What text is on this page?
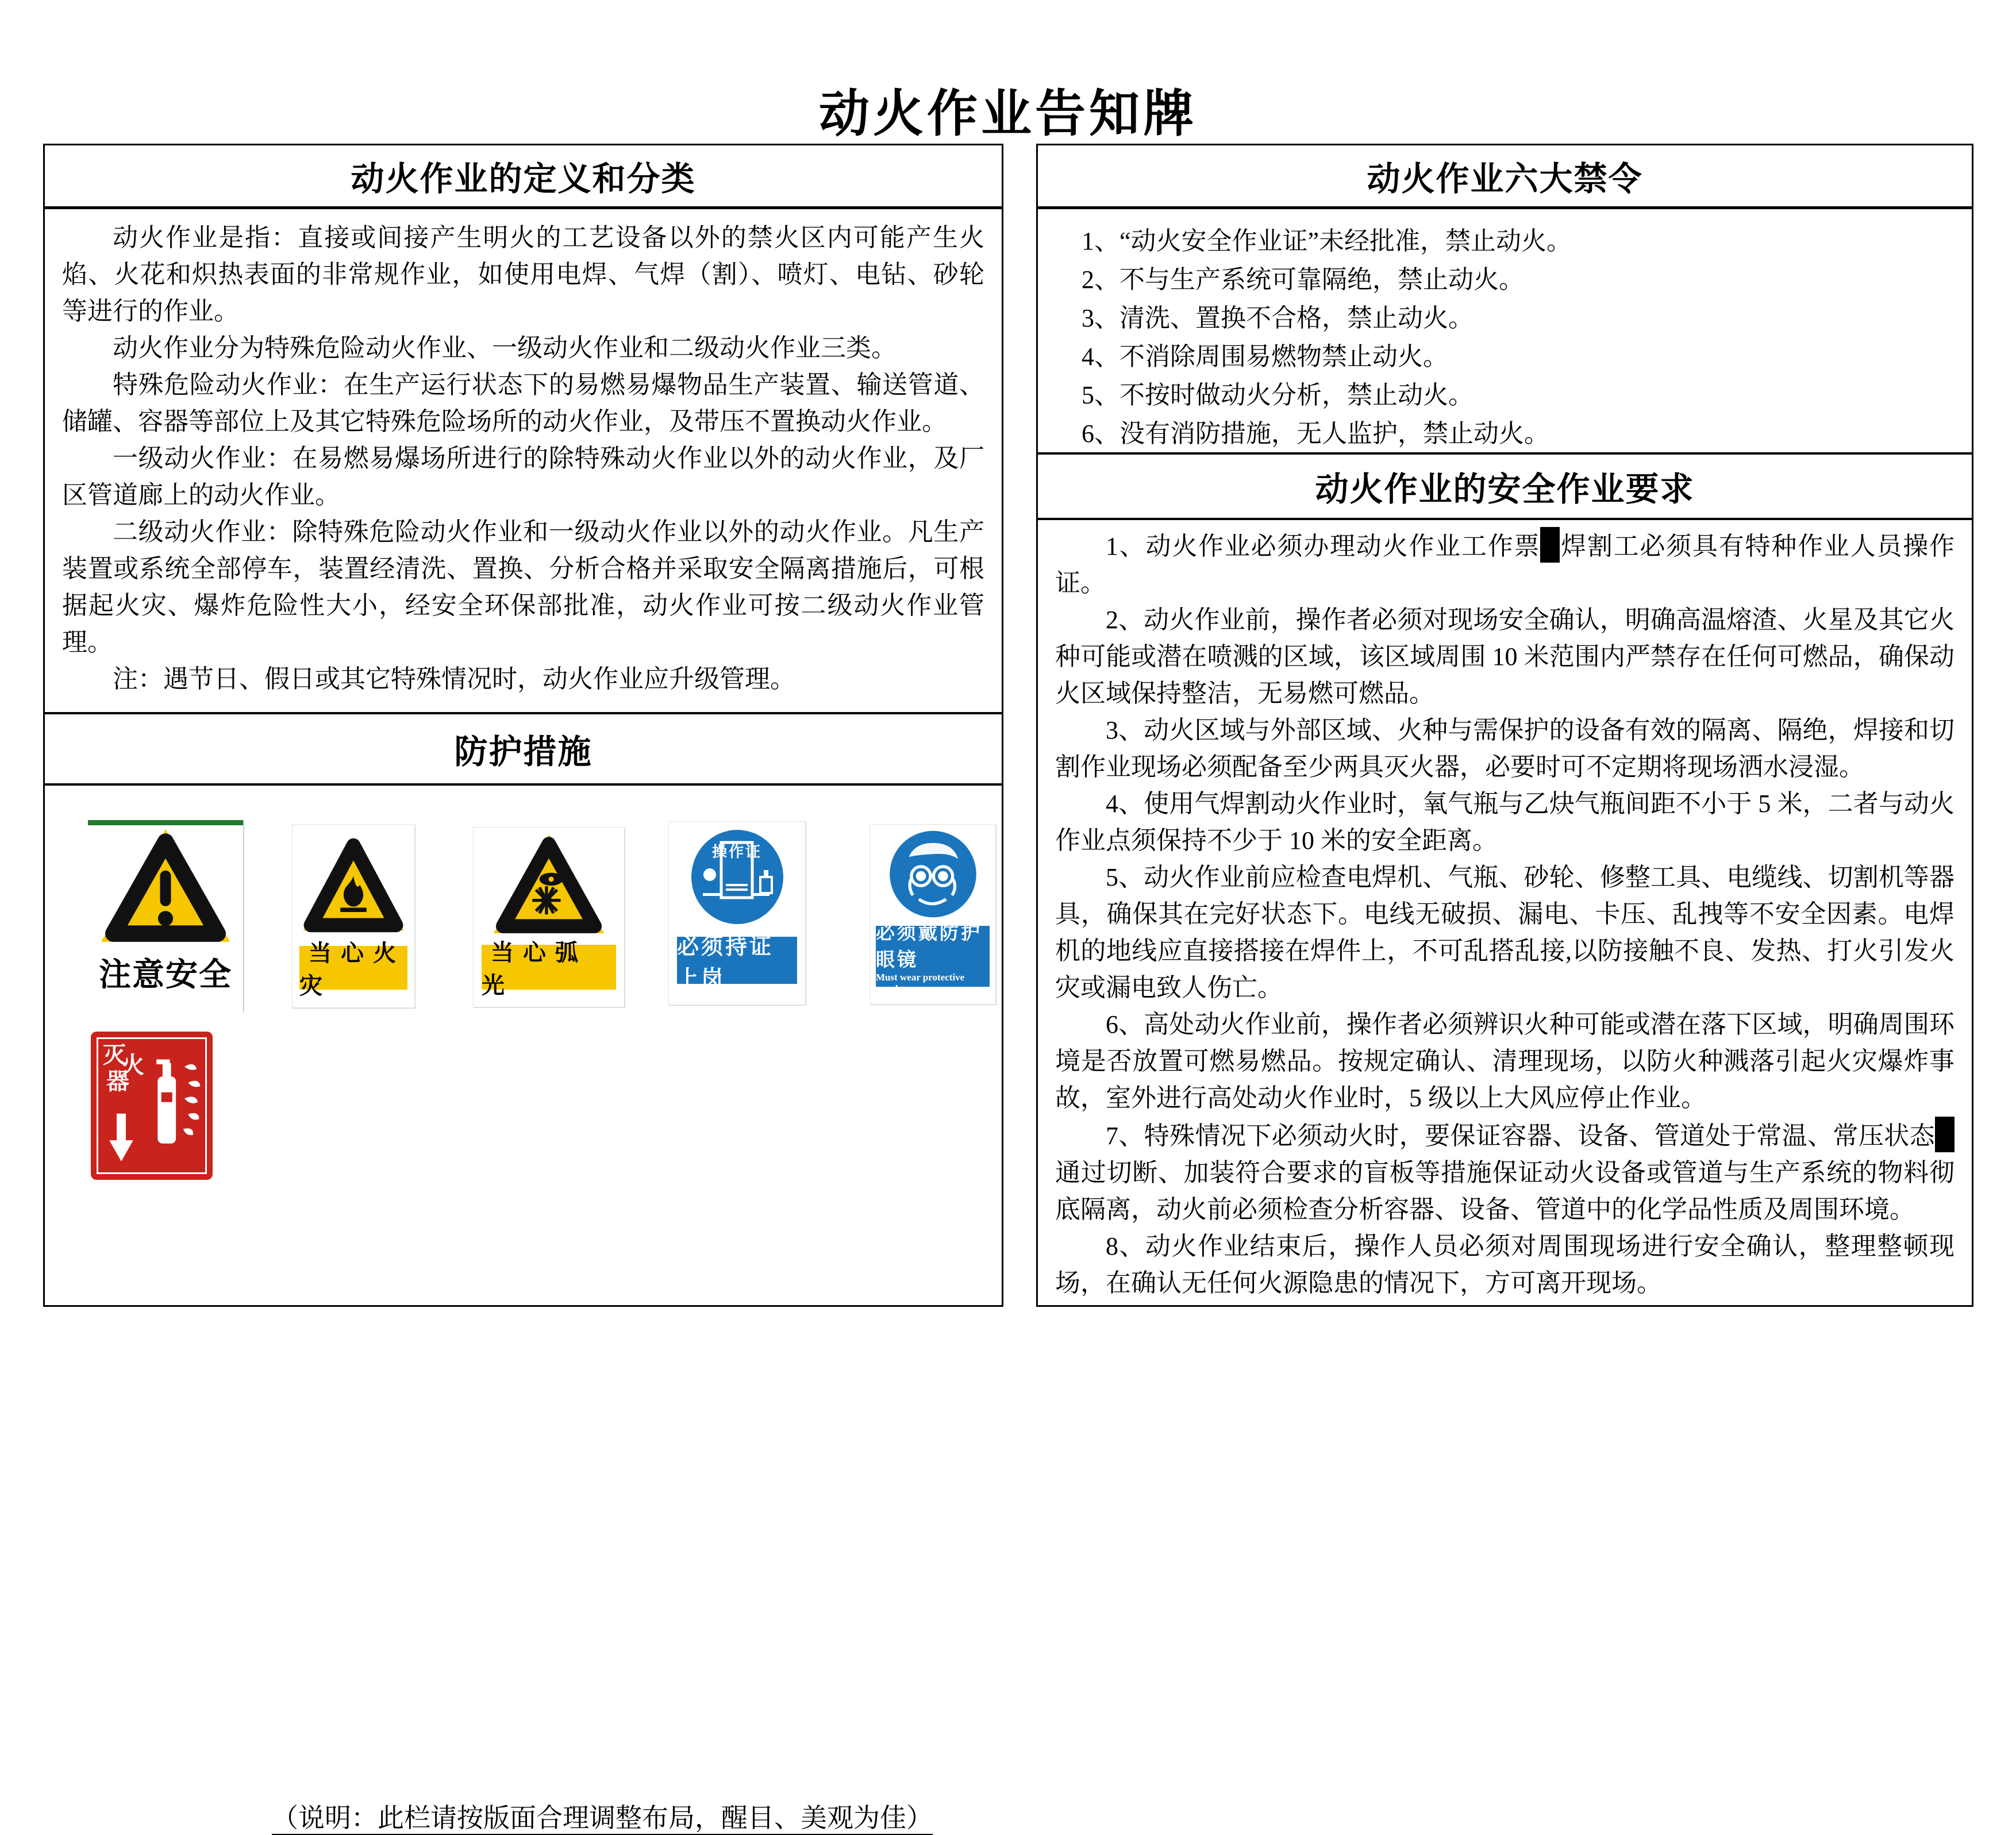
动火作业告知牌
动火作业的定义和分类

动火作业是指：直接或间接产生明火的工艺设备以外的禁火区内可能产生火焰、火花和炽热表面的非常规作业，如使用电焊、气焊（割）、喷灯、电钻、砂轮等进行的作业。

动火作业分为特殊危险动火作业、一级动火作业和二级动火作业三类。

特殊危险动火作业：在生产运行状态下的易燃易爆物品生产装置、输送管道、储罐、容器等部位上及其它特殊危险场所的动火作业，及带压不置换动火作业。

一级动火作业：在易燃易爆场所进行的除特殊动火作业以外的动火作业，及厂区管道廊上的动火作业。

二级动火作业：除特殊危险动火作业和一级动火作业以外的动火作业。凡生产装置或系统全部停车，装置经清洗、置换、分析合格并采取安全隔离措施后，可根据起火灾、爆炸危险性大小，经安全环保部批准，动火作业可按二级动火作业管理。

注：遇节日、假日或其它特殊情况时，动火作业应升级管理。

防护措施
注意安全
当心火灾
当心弧光
操作证
必须持证上岗
必须戴防护眼镜
Must wear protective goggles
灭
火
器
（说明：此栏请按版面合理调整布局，醒目、美观为佳）
动火作业六大禁令

1、“动火安全作业证”未经批准，禁止动火。

2、不与生产系统可靠隔绝，禁止动火。

3、清洗、置换不合格，禁止动火。

4、不消除周围易燃物禁止动火。

5、不按时做动火分析，禁止动火。

6、没有消防措施，无人监护，禁止动火。

动火作业的安全作业要求

1、动火作业必须办理动火作业工作票 焊割工必须具有特种作业人员操作证。

2、动火作业前，操作者必须对现场安全确认，明确高温熔渣、火星及其它火种可能或潜在喷溅的区域，该区域周围 10 米范围内严禁存在任何可燃品，确保动火区域保持整洁，无易燃可燃品。

3、动火区域与外部区域、火种与需保护的设备有效的隔离、隔绝，焊接和切割作业现场必须配备至少两具灭火器，必要时可不定期将现场洒水浸湿。

4、使用气焊割动火作业时，氧气瓶与乙炔气瓶间距不小于 5 米，二者与动火作业点须保持不少于 10 米的安全距离。

5、动火作业前应检查电焊机、气瓶、砂轮、修整工具、电缆线、切割机等器具，确保其在完好状态下。电线无破损、漏电、卡压、乱拽等不安全因素。电焊机的地线应直接搭接在焊件上，不可乱搭乱接,以防接触不良、发热、打火引发火灾或漏电致人伤亡。

6、高处动火作业前，操作者必须辨识火种可能或潜在落下区域，明确周围环境是否放置可燃易燃品。按规定确认、清理现场，以防火种溅落引起火灾爆炸事故，室外进行高处动火作业时，5 级以上大风应停止作业。

7、特殊情况下必须动火时，要保证容器、设备、管道处于常温、常压状态通过切断、加装符合要求的盲板等措施保证动火设备或管道与生产系统的物料彻底隔离，动火前必须检查分析容器、设备、管道中的化学品性质及周围环境。

8、动火作业结束后，操作人员必须对周围现场进行安全确认，整理整顿现场，在确认无任何火源隐患的情况下，方可离开现场。
